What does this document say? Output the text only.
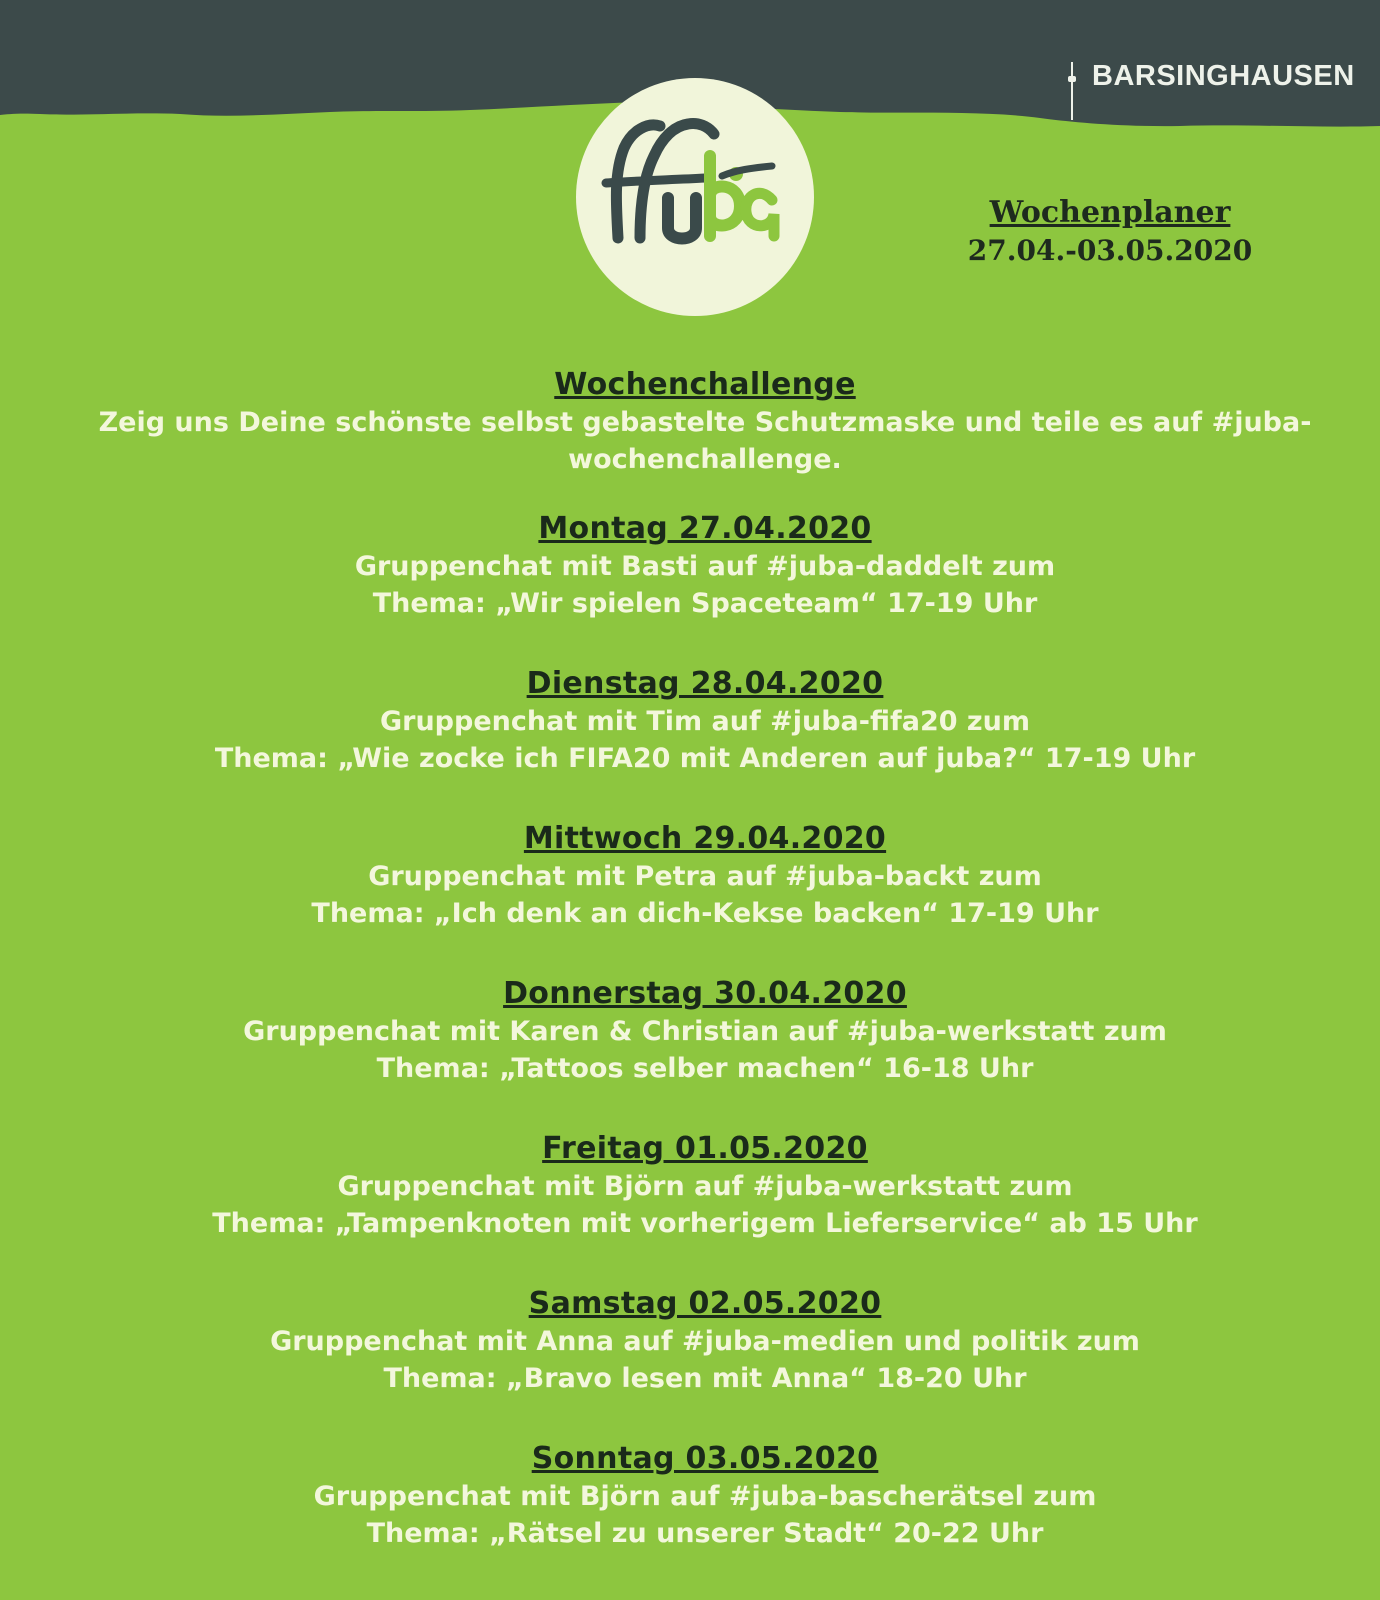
BARSINGHAUSEN
Wochenplaner
27.04.-03.05.2020
Wochenchallenge
Zeig uns Deine schönste selbst gebastelte Schutzmaske und teile es auf #juba-wochenchallenge.
Montag 27.04.2020
Gruppenchat mit Basti auf #juba-daddelt zum
Thema: „Wir spielen Spaceteam“ 17-19 Uhr
Dienstag 28.04.2020
Gruppenchat mit Tim auf #juba-fifa20 zum
Thema: „Wie zocke ich FIFA20 mit Anderen auf juba?“ 17-19 Uhr
Mittwoch 29.04.2020
Gruppenchat mit Petra auf #juba-backt zum
Thema: „Ich denk an dich-Kekse backen“ 17-19 Uhr
Donnerstag 30.04.2020
Gruppenchat mit Karen & Christian auf #juba-werkstatt zum
Thema: „Tattoos selber machen“ 16-18 Uhr
Freitag 01.05.2020
Gruppenchat mit Björn auf #juba-werkstatt zum
Thema: „Tampenknoten mit vorherigem Lieferservice“ ab 15 Uhr
Samstag 02.05.2020
Gruppenchat mit Anna auf #juba-medien und politik zum
Thema: „Bravo lesen mit Anna“ 18-20 Uhr
Sonntag 03.05.2020
Gruppenchat mit Björn auf #juba-bascherätsel zum
Thema: „Rätsel zu unserer Stadt“ 20-22 Uhr
